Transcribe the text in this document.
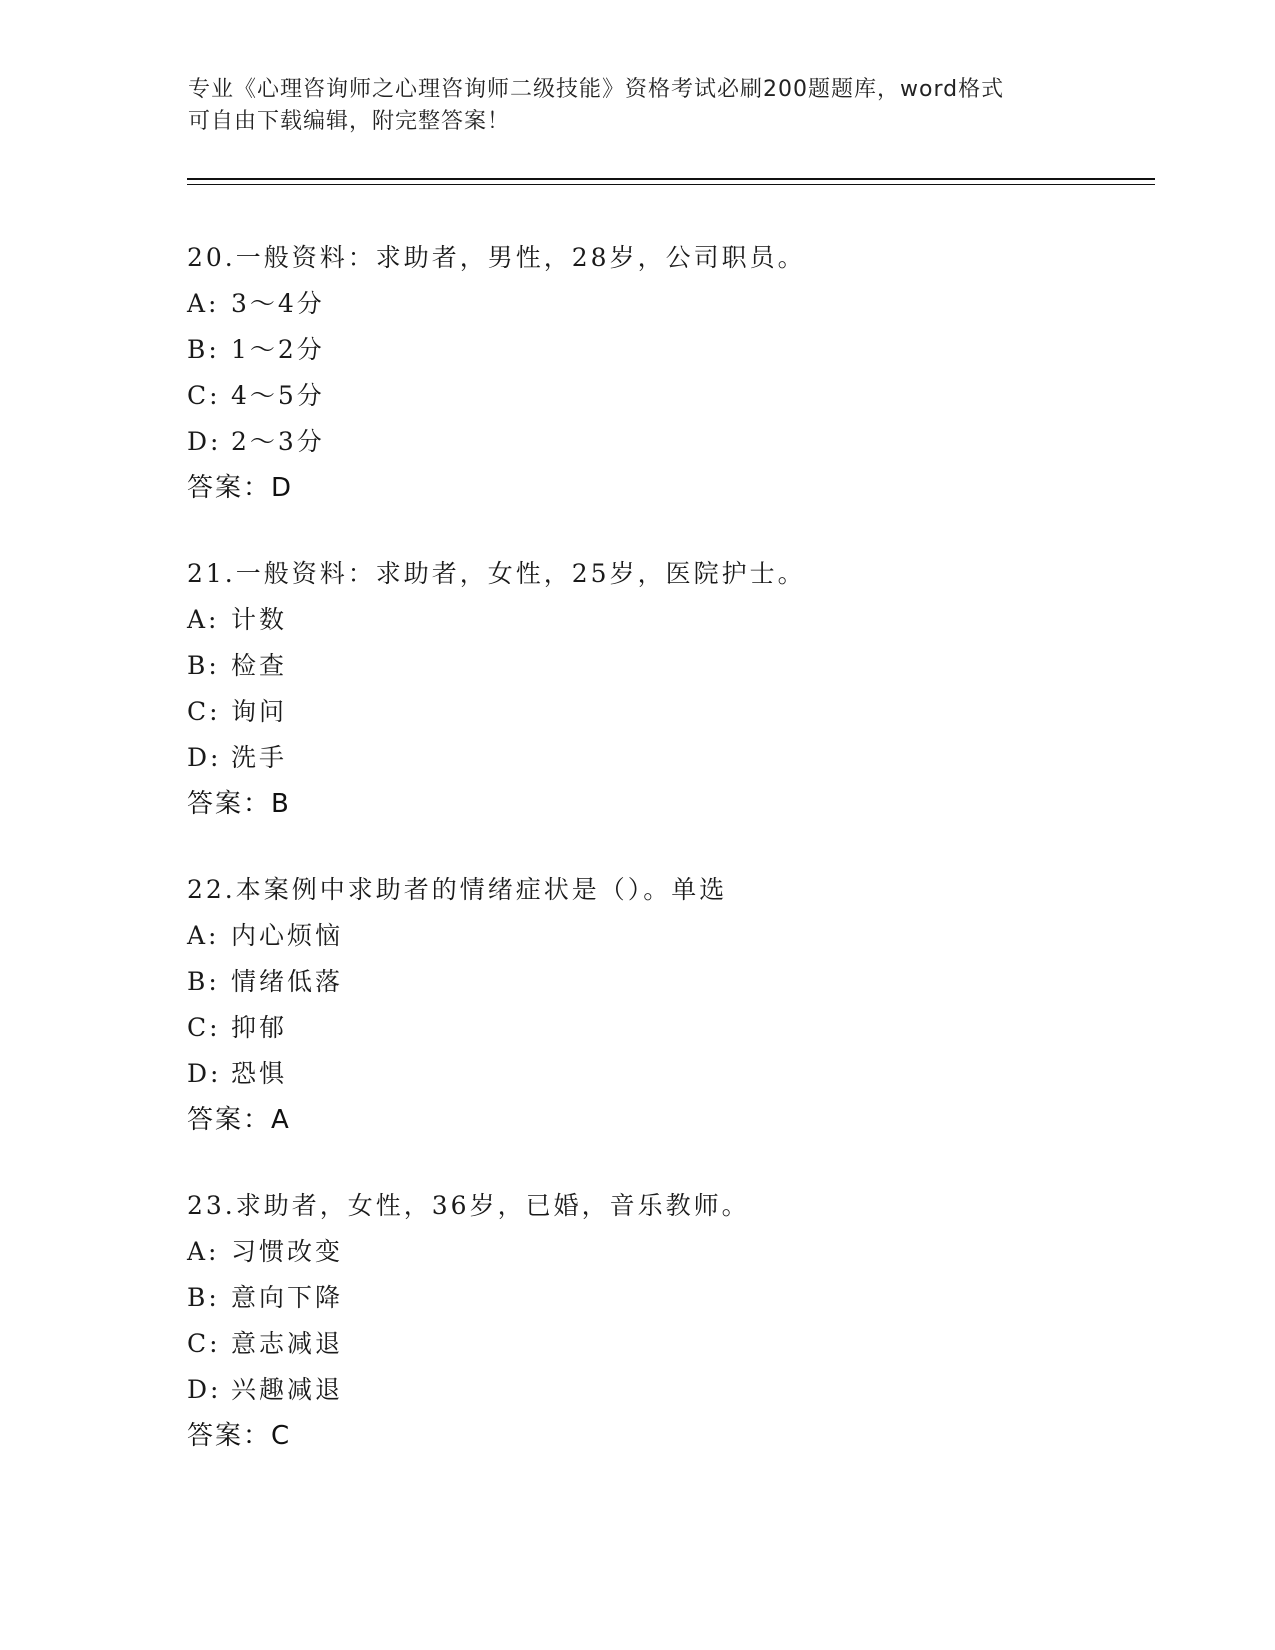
专业《心理咨询师之心理咨询师二级技能》资格考试必刷200题题库，word格式
可自由下载编辑，附完整答案！
20.一般资料：求助者，男性，28岁，公司职员。
A: 3～4分
B: 1～2分
C: 4～5分
D: 2～3分
答案：D
21.一般资料：求助者，女性，25岁，医院护士。
A: 计数
B: 检查
C: 询问
D: 洗手
答案：B
22.本案例中求助者的情绪症状是（）。单选
A: 内心烦恼
B: 情绪低落
C: 抑郁
D: 恐惧
答案：A
23.求助者，女性，36岁，已婚，音乐教师。
A: 习惯改变
B: 意向下降
C: 意志减退
D: 兴趣减退
答案：C
